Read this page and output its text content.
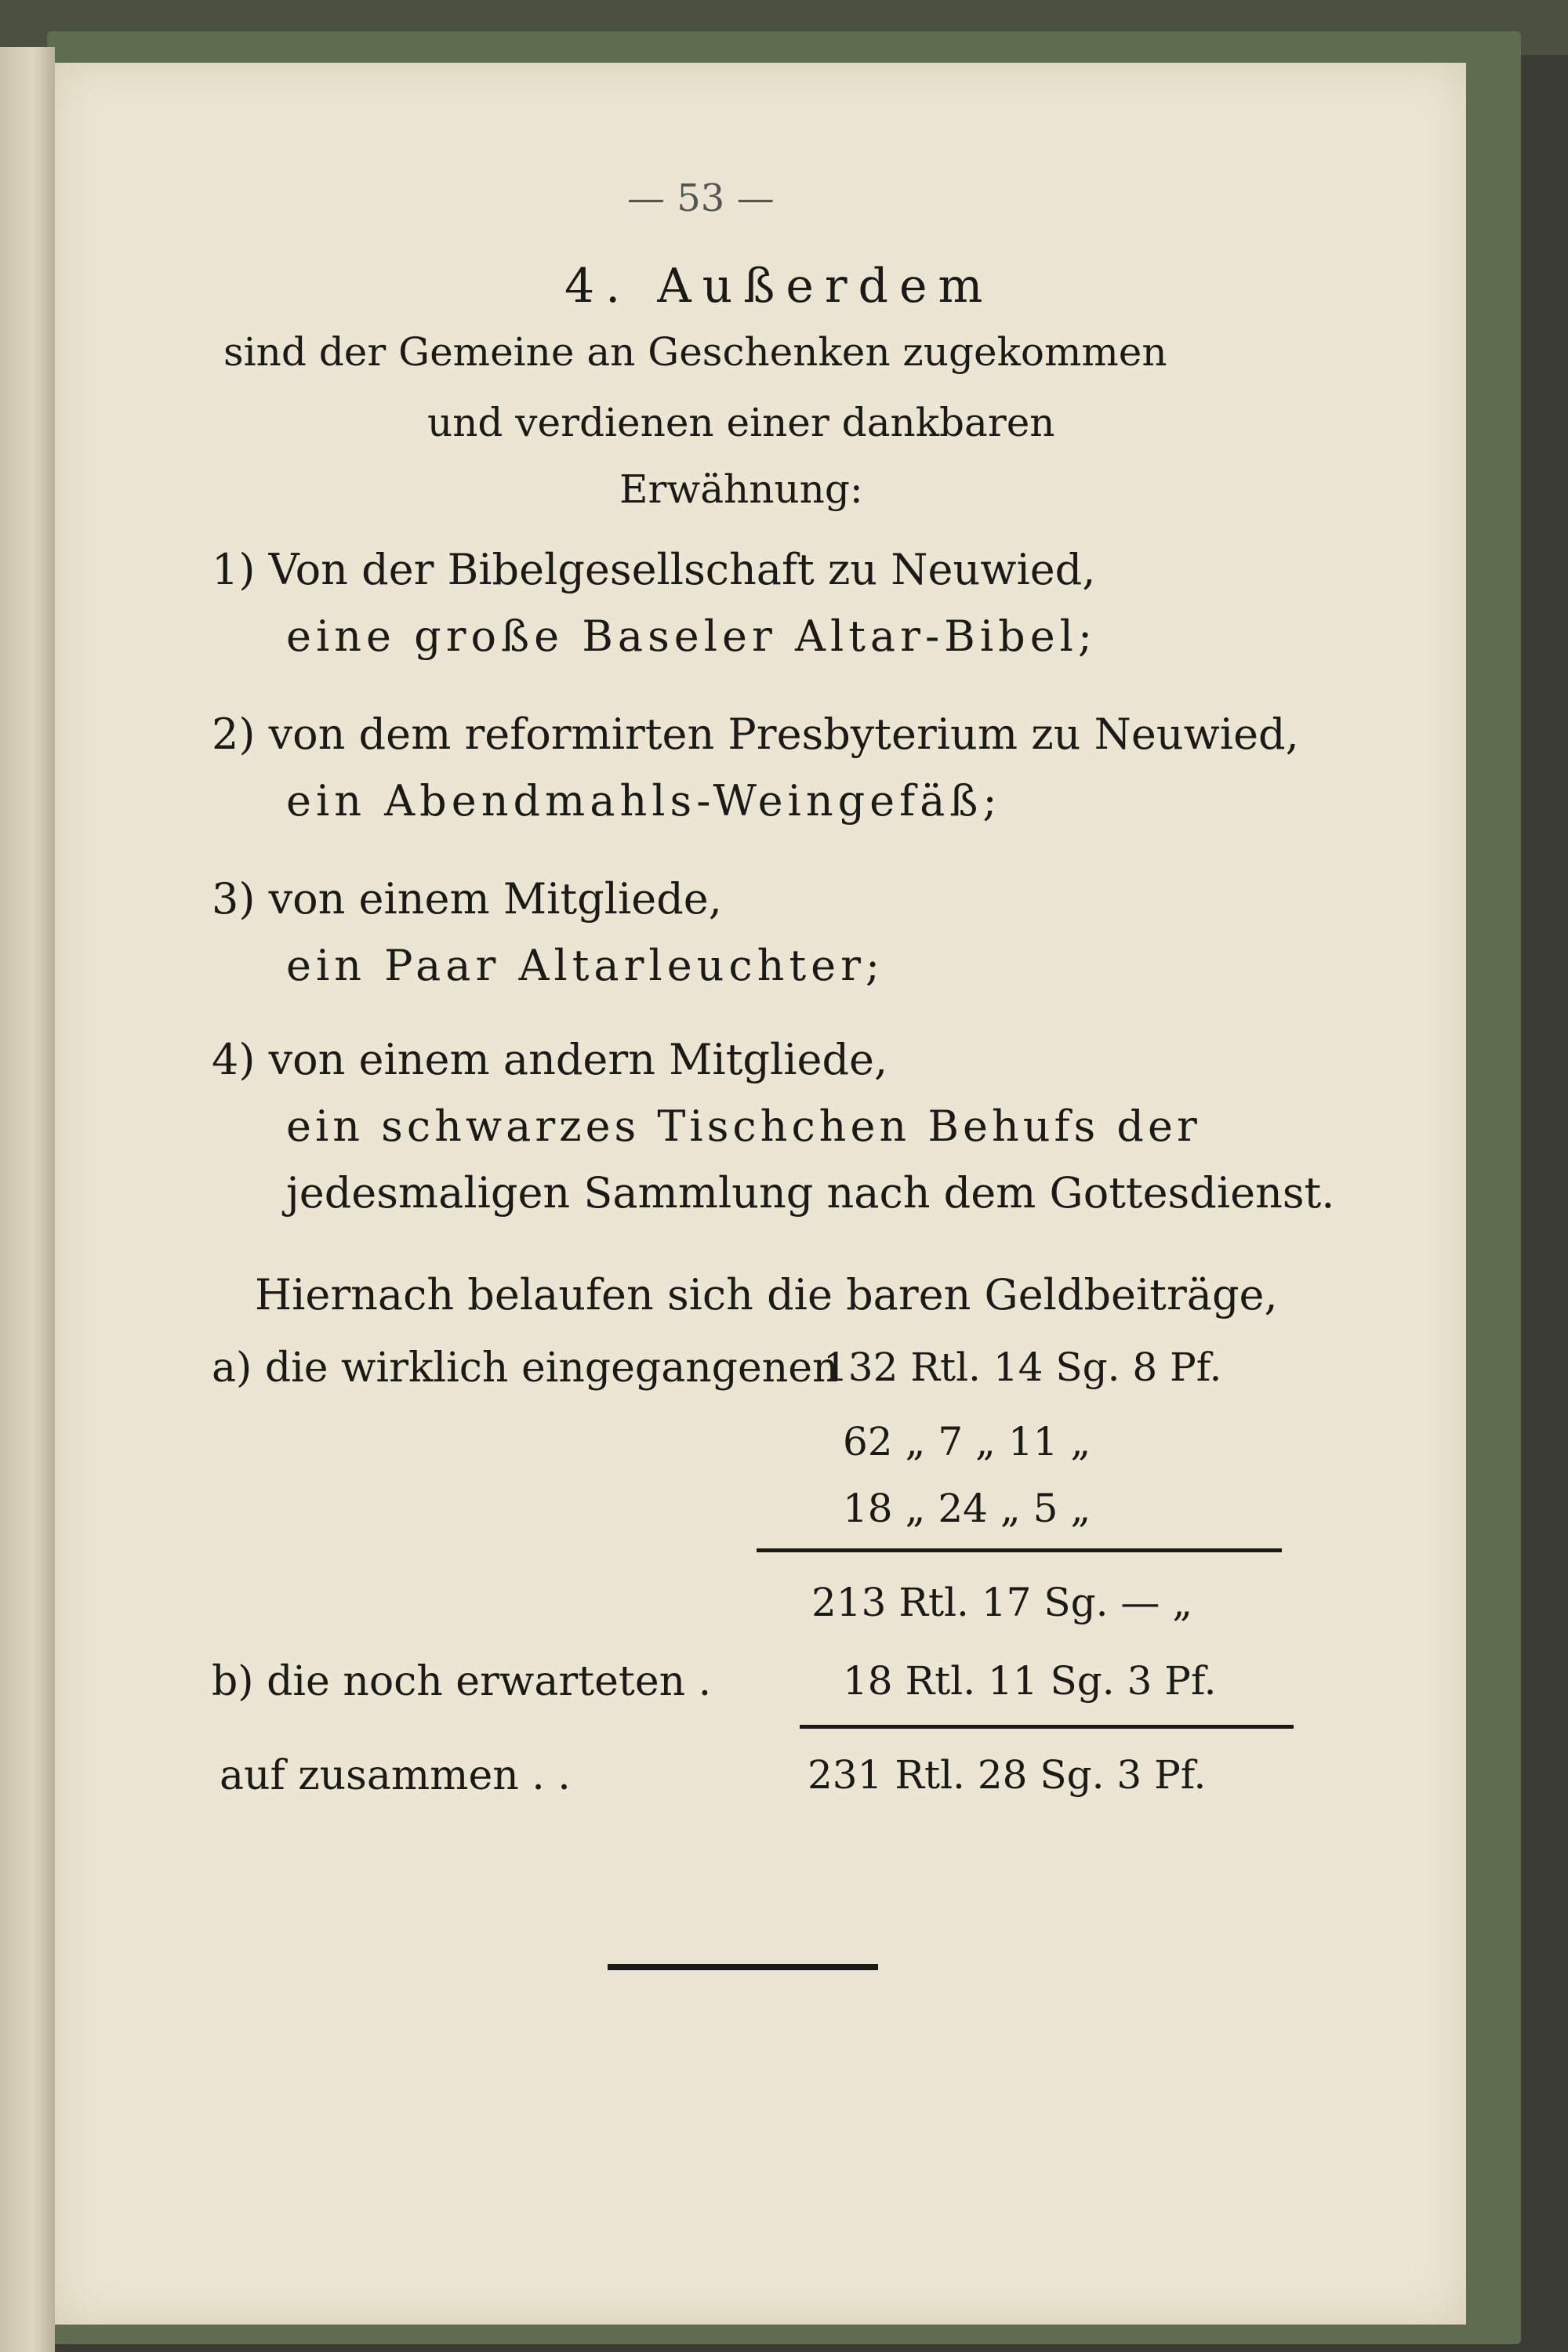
— 53 —
4. Außerdem
sind der Gemeine an Geschenken zugekommen
und verdienen einer dankbaren
Erwähnung:
1) Von der Bibelgesellschaft zu Neuwied,
eine große Baseler Altar-Bibel;
2) von dem reformirten Presbyterium zu Neuwied,
ein Abendmahls-Weingefäß;
3) von einem Mitgliede,
ein Paar Altarleuchter;
4) von einem andern Mitgliede,
ein schwarzes Tischchen Behufs der
jedesmaligen Sammlung nach dem Gottesdienst.
Hiernach belaufen sich die baren Geldbeiträge,
a) die wirklich eingegangenen
132 Rtl. 14 Sg. 8 Pf.
62 „ 7 „ 11 „
18 „ 24 „ 5 „
213 Rtl. 17 Sg. — „
b) die noch erwarteten .	18 Rtl. 11 Sg. 3 Pf.
auf zusammen . .	231 Rtl. 28 Sg. 3 Pf.
